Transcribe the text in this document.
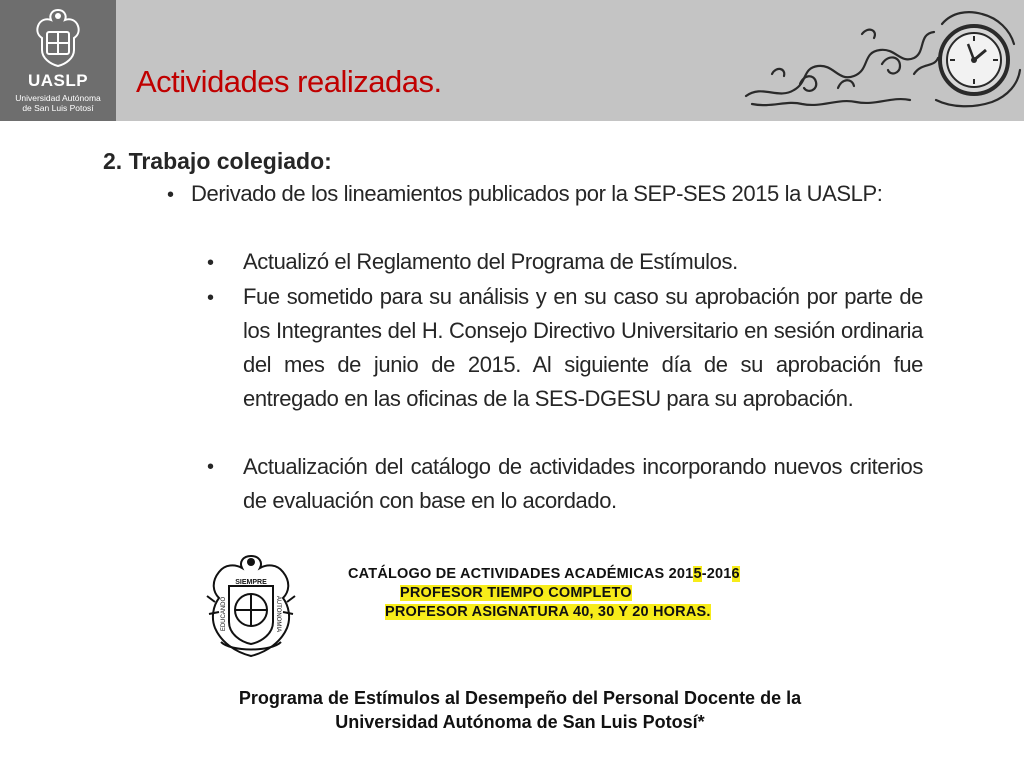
UASLP
Universidad Autónoma
de San Luis Potosí
Actividades realizadas.
2. Trabajo colegiado:
• Derivado de los lineamientos publicados por la SEP-SES 2015 la UASLP:
• Actualizó el Reglamento del Programa de Estímulos.
• Fue sometido para su análisis y en su caso su aprobación por parte de los Integrantes del H. Consejo Directivo Universitario en sesión ordinaria del mes de junio de 2015. Al siguiente día de su aprobación fue entregado en las oficinas de la SES-DGESU para su aprobación.
• Actualización del catálogo de actividades incorporando nuevos criterios de evaluación con base en lo acordado.
SIEMPRE
EDUCANDO	AUTONOMIA
CATÁLOGO DE ACTIVIDADES ACADÉMICAS 2015-2016
PROFESOR TIEMPO COMPLETO
PROFESOR ASIGNATURA 40, 30 Y 20 HORAS.
Programa de Estímulos al Desempeño del Personal Docente de la
Universidad Autónoma de San Luis Potosí*
